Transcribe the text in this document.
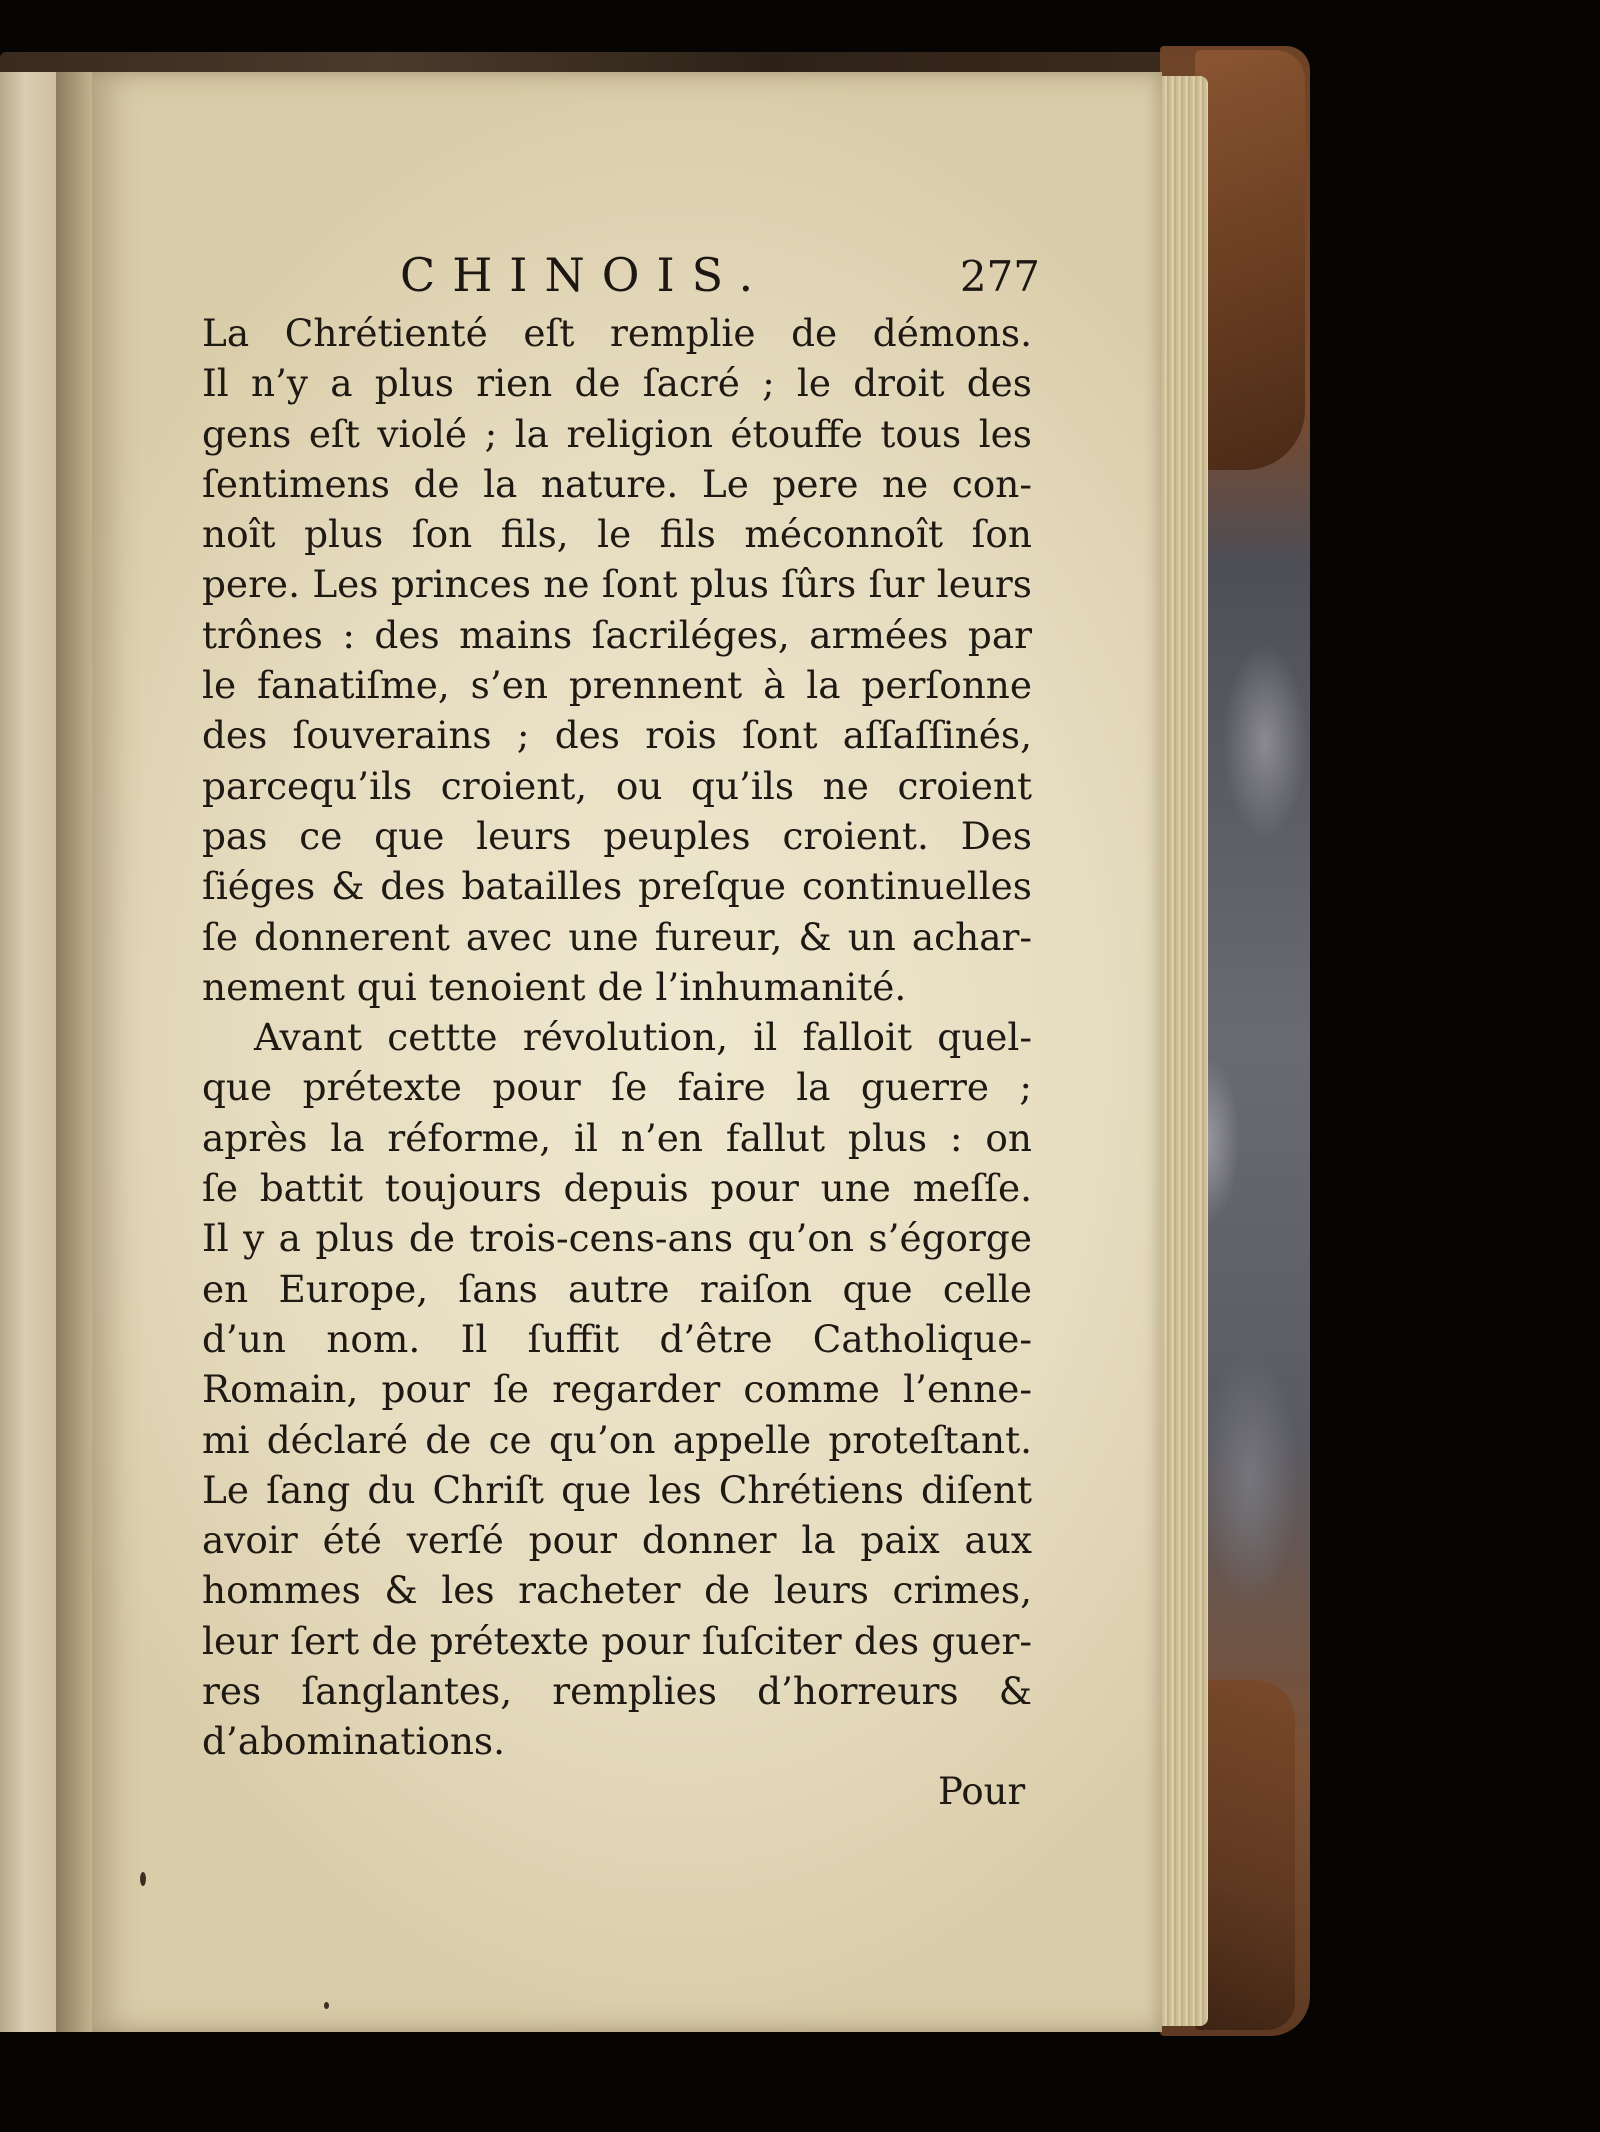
CHINOIS.	277
La Chrétienté eſt remplie de démons.
Il n’y a plus rien de ſacré ; le droit des
gens eſt violé ; la religion étouffe tous les
ſentimens de la nature. Le pere ne con-
noît plus ſon fils, le fils méconnoît ſon
pere. Les princes ne ſont plus ſûrs ſur leurs
trônes : des mains ſacriléges, armées par
le fanatiſme, s’en prennent à la perſonne
des ſouverains ; des rois ſont aſſaſſinés,
parcequ’ils croient, ou qu’ils ne croient
pas ce que leurs peuples croient. Des
ſiéges & des batailles preſque continuelles
ſe donnerent avec une fureur, & un achar-
nement qui tenoient de l’inhumanité.
Avant cettte révolution, il falloit quel-
que prétexte pour ſe faire la guerre ;
après la réforme, il n’en fallut plus : on
ſe battit toujours depuis pour une meſſe.
Il y a plus de trois-cens-ans qu’on s’égorge
en Europe, ſans autre raiſon que celle
d’un nom. Il ſuffit d’être Catholique-
Romain, pour ſe regarder comme l’enne-
mi déclaré de ce qu’on appelle proteſtant.
Le ſang du Chriſt que les Chrétiens diſent
avoir été verſé pour donner la paix aux
hommes & les racheter de leurs crimes,
leur ſert de prétexte pour ſuſciter des guer-
res ſanglantes, remplies d’horreurs &
d’abominations.
Pour
